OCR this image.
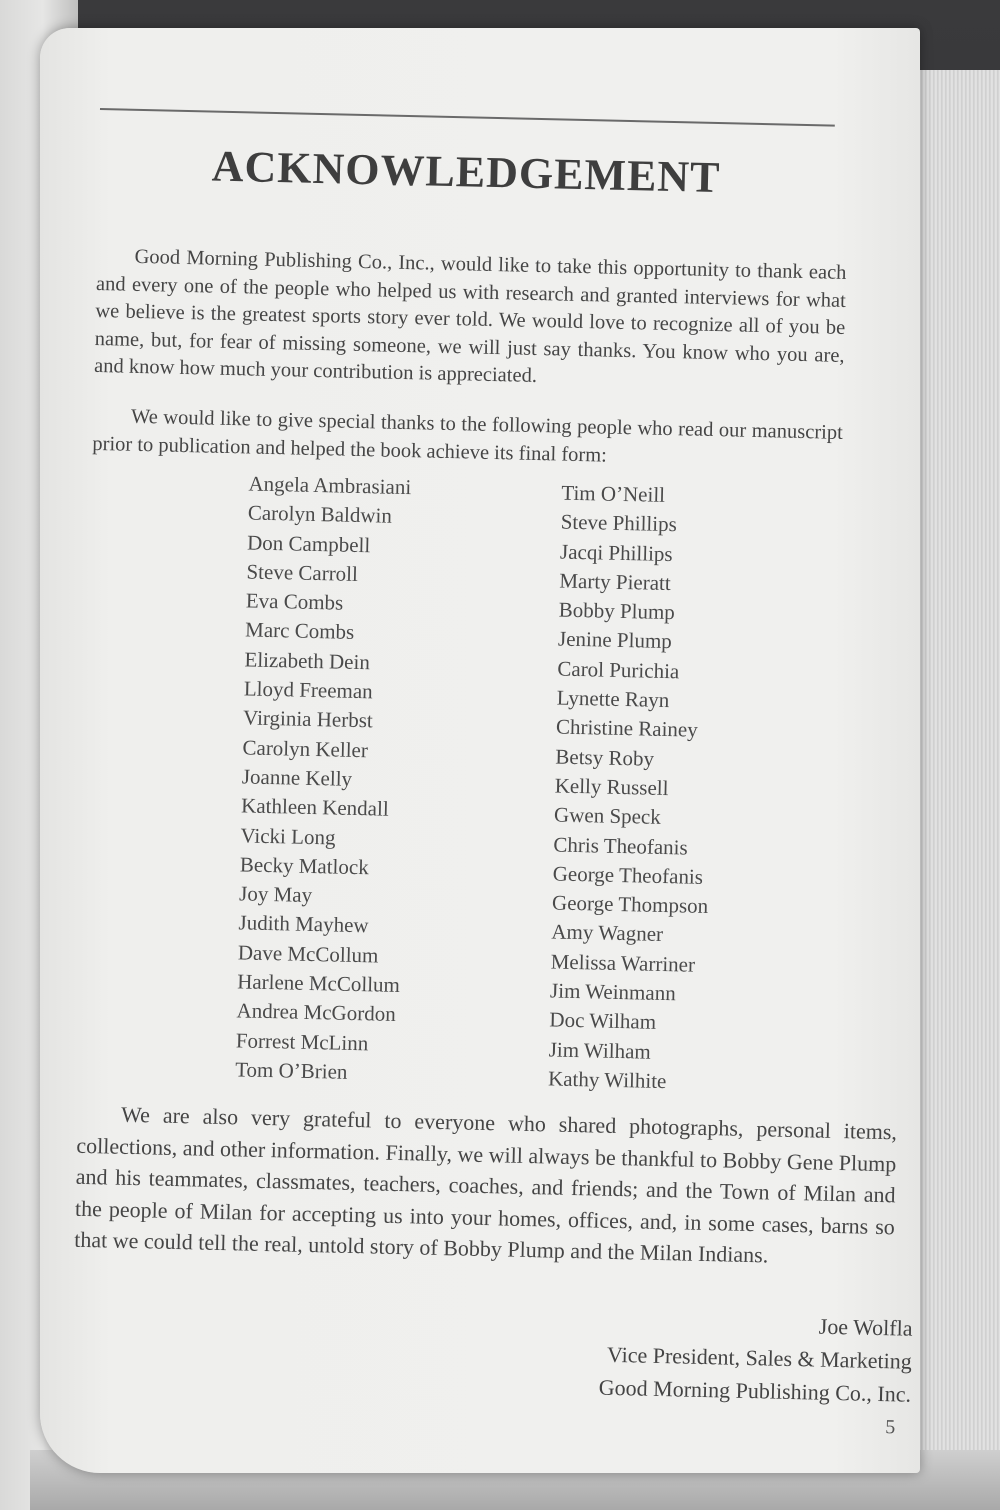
ACKNOWLEDGEMENT

Good Morning Publishing Co., Inc., would like to take this opportunity to thank each and every one of the people who helped us with research and granted interviews for what we believe is the greatest sports story ever told. We would love to recognize all of you be name, but, for fear of missing someone, we will just say thanks. You know who you are, and know how much your contribution is appreciated.

We would like to give special thanks to the following people who read our manuscript prior to publication and helped the book achieve its final form:

Angela Ambrasiani
Carolyn Baldwin
Don Campbell
Steve Carroll
Eva Combs
Marc Combs
Elizabeth Dein
Lloyd Freeman
Virginia Herbst
Carolyn Keller
Joanne Kelly
Kathleen Kendall
Vicki Long
Becky Matlock
Joy May
Judith Mayhew
Dave McCollum
Harlene McCollum
Andrea McGordon
Forrest McLinn
Tom O’Brien
Tim O’Neill
Steve Phillips
Jacqi Phillips
Marty Pieratt
Bobby Plump
Jenine Plump
Carol Purichia
Lynette Rayn
Christine Rainey
Betsy Roby
Kelly Russell
Gwen Speck
Chris Theofanis
George Theofanis
George Thompson
Amy Wagner
Melissa Warriner
Jim Weinmann
Doc Wilham
Jim Wilham
Kathy Wilhite

We are also very grateful to everyone who shared photographs, personal items, collections, and other information. Finally, we will always be thankful to Bobby Gene Plump and his teammates, classmates, teachers, coaches, and friends; and the Town of Milan and the people of Milan for accepting us into your homes, offices, and, in some cases, barns so that we could tell the real, untold story of Bobby Plump and the Milan Indians.

Joe Wolfla
Vice President, Sales & Marketing
Good Morning Publishing Co., Inc.
5
